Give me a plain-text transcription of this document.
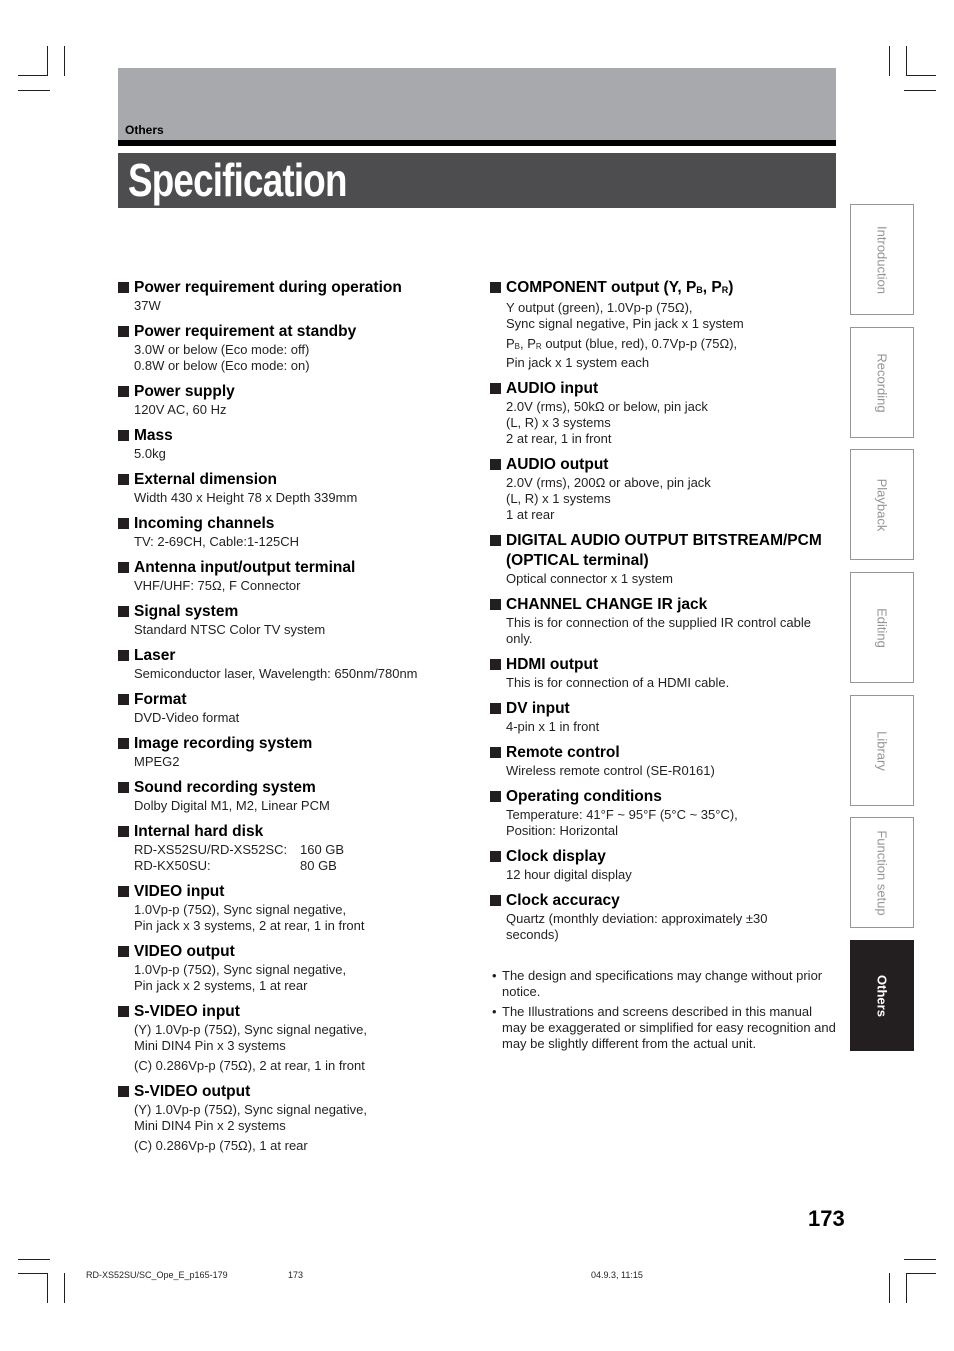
Others
Specification
Power requirement during operation
37W
Power requirement at standby
3.0W or below (Eco mode: off)
0.8W or below (Eco mode: on)
Power supply
120V AC, 60 Hz
Mass
5.0kg
External dimension
Width 430 x Height 78 x Depth 339mm
Incoming channels
TV: 2-69CH, Cable:1-125CH
Antenna input/output terminal
VHF/UHF: 75Ω, F Connector
Signal system
Standard NTSC Color TV system
Laser
Semiconductor laser, Wavelength: 650nm/780nm
Format
DVD-Video format
Image recording system
MPEG2
Sound recording system
Dolby Digital M1, M2, Linear PCM
Internal hard disk
RD-XS52SU/RD-XS52SC: 160 GB
RD-KX50SU:	80 GB
VIDEO input
1.0Vp-p (75Ω), Sync signal negative,
Pin jack x 3 systems, 2 at rear, 1 in front
VIDEO output
1.0Vp-p (75Ω), Sync signal negative,
Pin jack x 2 systems, 1 at rear
S-VIDEO input
(Y) 1.0Vp-p (75Ω), Sync signal negative,
Mini DIN4 Pin x 3 systems
(C) 0.286Vp-p (75Ω), 2 at rear, 1 in front
S-VIDEO output
(Y) 1.0Vp-p (75Ω), Sync signal negative,
Mini DIN4 Pin x 2 systems
(C) 0.286Vp-p (75Ω), 1 at rear
COMPONENT output (Y, $P_B$, $P_R$)
Y output (green), 1.0Vp-p (75Ω),
Sync signal negative, Pin jack x 1 system
$P_B$, $P_R$ output (blue, red), 0.7Vp-p (75Ω),
Pin jack x 1 system each
AUDIO input
2.0V (rms), 50kΩ or below, pin jack
(L, R) x 3 systems
2 at rear, 1 in front
AUDIO output
2.0V (rms), 200Ω or above, pin jack
(L, R) x 1 systems
1 at rear
DIGITAL AUDIO OUTPUT BITSTREAM/PCM (OPTICAL terminal)
Optical connector x 1 system
CHANNEL CHANGE IR jack
This is for connection of the supplied IR control cable only.
HDMI output
This is for connection of a HDMI cable.
DV input
4-pin x 1 in front
Remote control
Wireless remote control (SE-R0161)
Operating conditions
Temperature: 41°F ~ 95°F (5°C ~ 35°C),
Position: Horizontal
Clock display
12 hour digital display
Clock accuracy
Quartz (monthly deviation: approximately ±30 seconds)
• The design and specifications may change without prior notice.
• The Illustrations and screens described in this manual may be exaggerated or simplified for easy recognition and may be slightly different from the actual unit.
Introduction
Recording
Playback
Editing
Library
Function setup
Others
173
RD-XS52SU/SC_Ope_E_p165-179	173	04.9.3, 11:15
